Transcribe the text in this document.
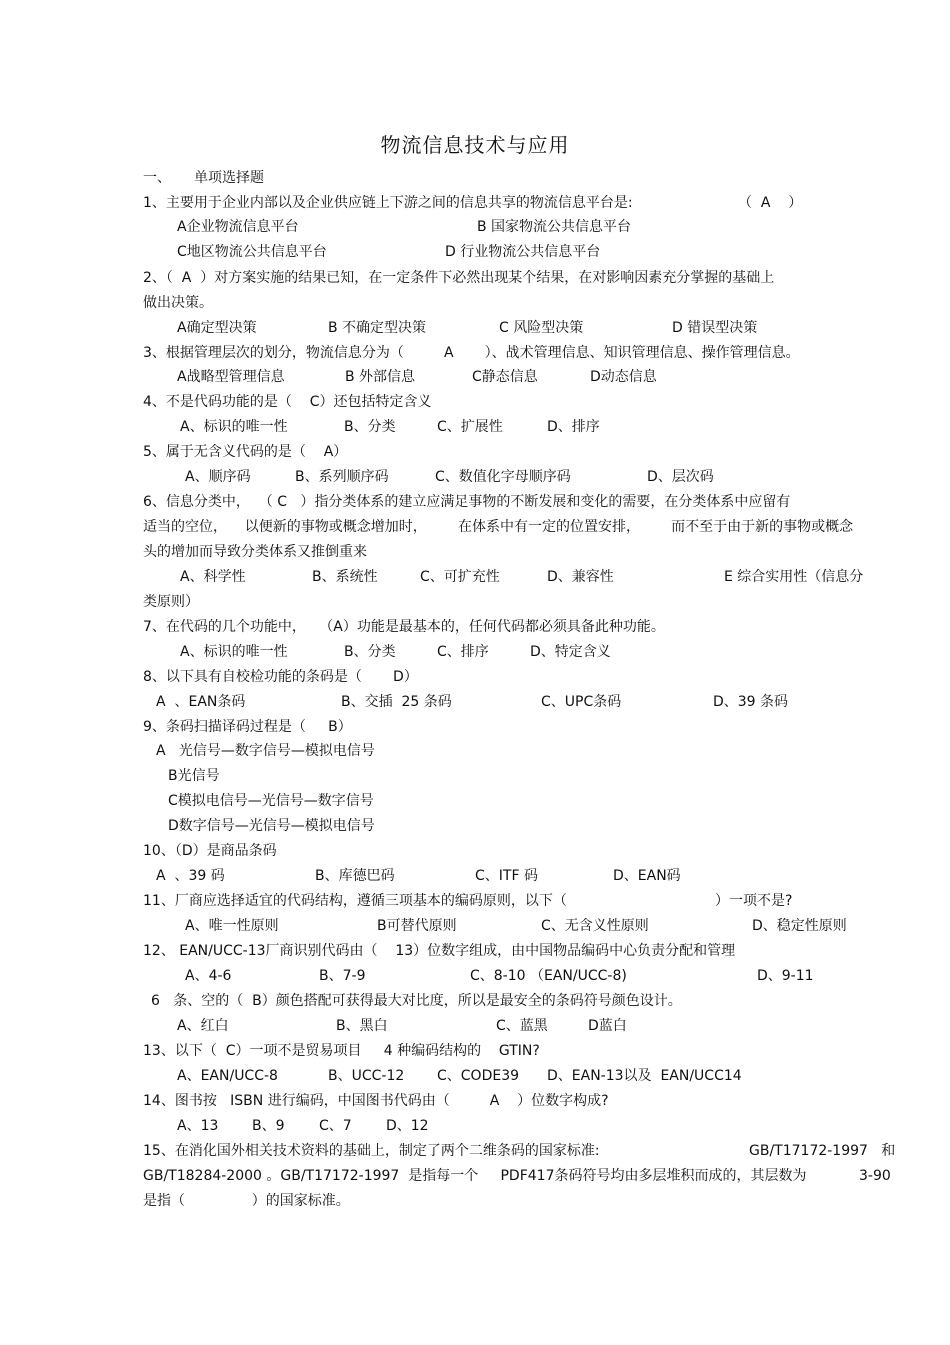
物流信息技术与应用
一、 单项选择题
1、主要用于企业内部以及企业供应链上下游之间的信息共享的物流信息平台是:	（  A    ）
A企业物流信息平台	B 国家物流公共信息平台
C地区物流公共信息平台	D 行业物流公共信息平台
2、（  A  ）对方案实施的结果已知，在一定条件下必然出现某个结果，在对影响因素充分掌握的基础上
做出决策。
A确定型决策	B 不确定型决策	C 风险型决策	D 错误型决策
3、根据管理层次的划分，物流信息分为（         A       ）、战术管理信息、知识管理信息、操作管理信息。
A战略型管理信息	B 外部信息	C静态信息	D动态信息
4、不是代码功能的是（    C）还包括特定含义
A、标识的唯一性	B、分类	C、扩展性	D、排序
5、属于无含义代码的是（    A）
A、顺序码	B、系列顺序码	C、数值化字母顺序码	D、层次码
6、信息分类中，  （ C   ）指分类体系的建立应满足事物的不断发展和变化的需要，在分类体系中应留有
适当的空位，    以便新的事物或概念增加时，       在体系中有一定的位置安排，       而不至于由于新的事物或概念
头的增加而导致分类体系又推倒重来
A、科学性	B、系统性	C、可扩充性	D、兼容性	E 综合实用性（信息分
类原则）
7、在代码的几个功能中，   （A）功能是最基本的，任何代码都必须具备此种功能。
A、标识的唯一性	B、分类	C、排序	D、特定含义
8、以下具有自校检功能的条码是（       D）
A  、EAN条码	B、交插  25 条码	C、UPC条码	D、39 条码
9、条码扫描译码过程是（     B）
A   光信号—数字信号—模拟电信号
B光信号
C模拟电信号—光信号—数字信号
D数字信号—光信号—模拟电信号
10、（D）是商品条码
A  、39 码	B、库德巴码	C、ITF 码	D、EAN码
11、厂商应选择适宜的代码结构，遵循三项基本的编码原则，以下（	）一项不是?
A、唯一性原则	B可替代原则	C、无含义性原则	D、稳定性原则
12、 EAN/UCC-13厂商识别代码由（    13）位数字组成，由中国物品编码中心负责分配和管理
A、4-6	B、7-9	C、8-10 （EAN/UCC-8)	D、9-11
6   条、空的（  B）颜色搭配可获得最大对比度，所以是最安全的条码符号颜色设计。
A、红白	B、黑白	C、蓝黑	D蓝白
13、以下（  C）一项不是贸易项目     4 种编码结构的    GTIN?
A、EAN/UCC-8	B、UCC-12 C、CODE39 D、EAN-13以及  EAN/UCC14
14、图书按   ISBN 进行编码，中国图书代码由（         A    ）位数字构成?
A、13 B、9 C、7 D、12
15、在消化国外相关技术资料的基础上，制定了两个二维条码的国家标准:	GB/T17172-1997   和
GB/T18284-2000 。GB/T17172-1997  是指每一个     PDF417条码符号均由多层堆积而成的，其层数为	3-90
是指（               ）的国家标准。
